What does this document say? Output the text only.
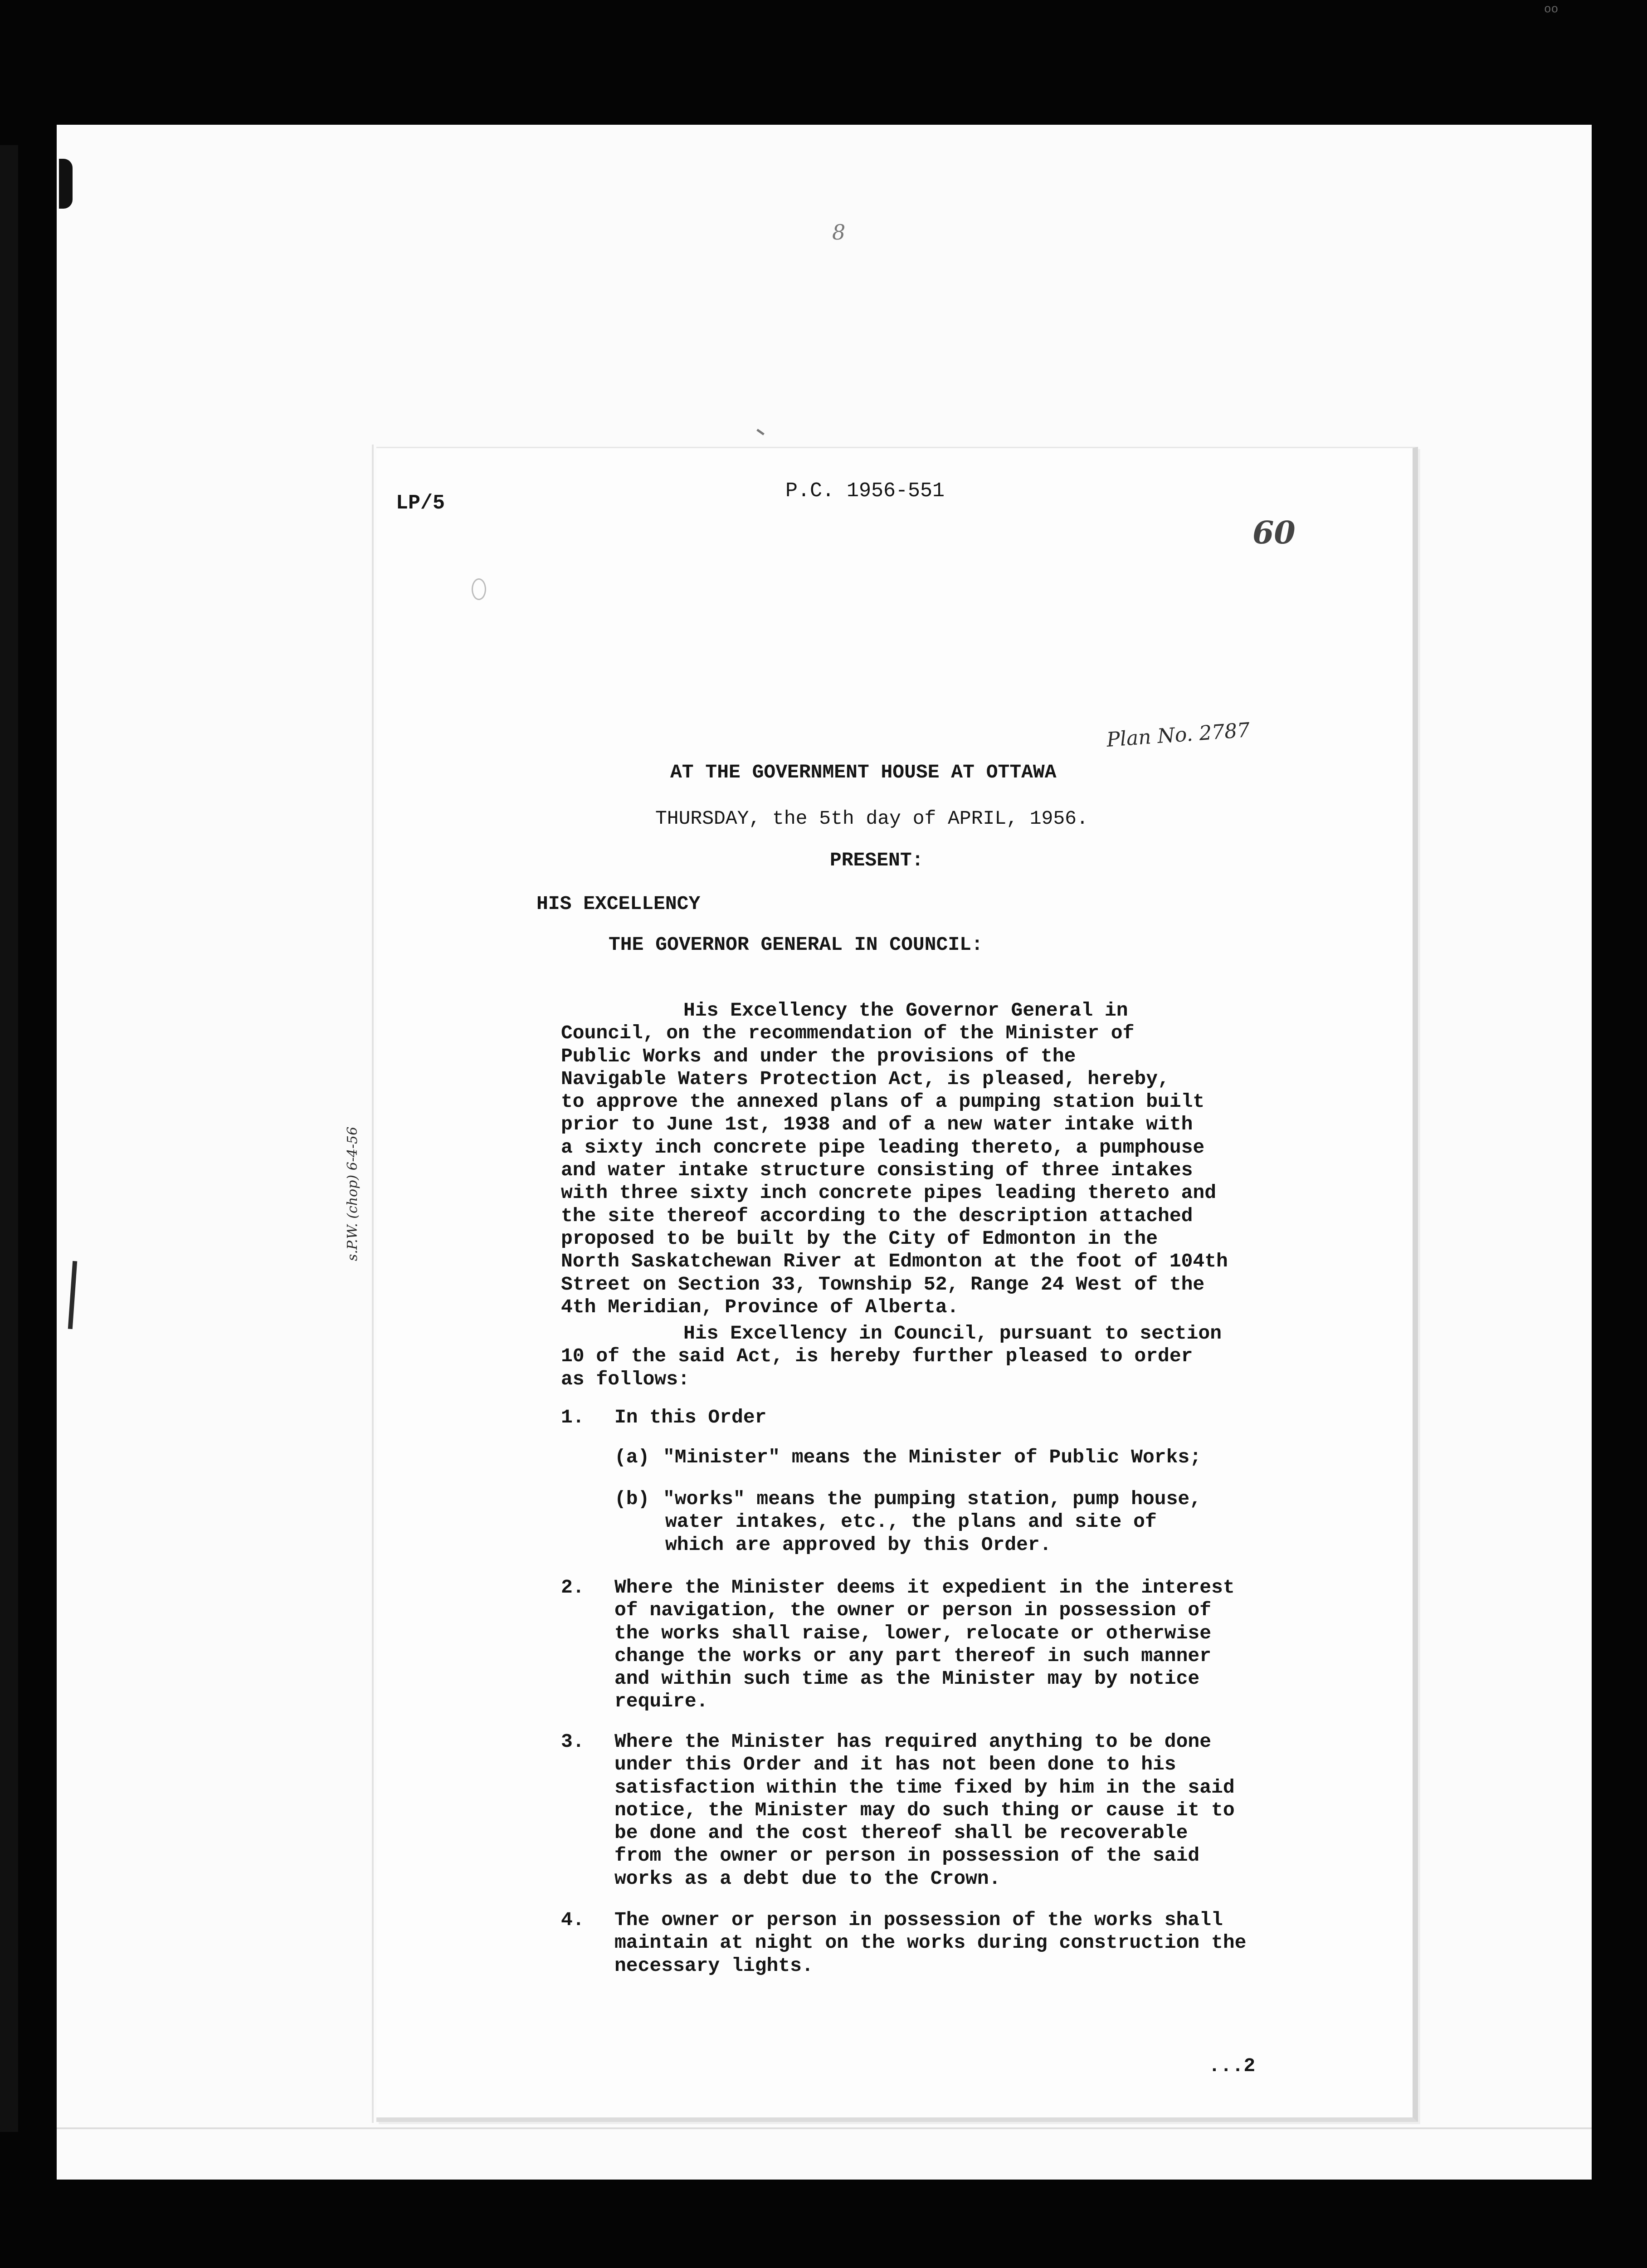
οο
8
LP/5
P.C. 1956-551
60
Plan No. 2787
s.P.W. (chop) 6-4-56
AT THE GOVERNMENT HOUSE AT OTTAWA
THURSDAY, the 5th day of APRIL, 1956.
PRESENT:
HIS EXCELLENCY
THE GOVERNOR GENERAL IN COUNCIL:
His Excellency the Governor General in
Council, on the recommendation of the Minister of
Public Works and under the provisions of the
Navigable Waters Protection Act, is pleased, hereby,
to approve the annexed plans of a pumping station built
prior to June 1st, 1938 and of a new water intake with
a sixty inch concrete pipe leading thereto, a pumphouse
and water intake structure consisting of three intakes
with three sixty inch concrete pipes leading thereto and
the site thereof according to the description attached
proposed to be built by the City of Edmonton in the
North Saskatchewan River at Edmonton at the foot of 104th
Street on Section 33, Township 52, Range 24 West of the
4th Meridian, Province of Alberta.
His Excellency in Council, pursuant to section
10 of the said Act, is hereby further pleased to order
as follows:
1. In this Order
(a) "Minister" means the Minister of Public Works;
(b) "works" means the pumping station, pump house,
water intakes, etc., the plans and site of
which are approved by this Order.
2. Where the Minister deems it expedient in the interest
of navigation, the owner or person in possession of
the works shall raise, lower, relocate or otherwise
change the works or any part thereof in such manner
and within such time as the Minister may by notice
require.
3. Where the Minister has required anything to be done
under this Order and it has not been done to his
satisfaction within the time fixed by him in the said
notice, the Minister may do such thing or cause it to
be done and the cost thereof shall be recoverable
from the owner or person in possession of the said
works as a debt due to the Crown.
4. The owner or person in possession of the works shall
maintain at night on the works during construction the
necessary lights.
...2
